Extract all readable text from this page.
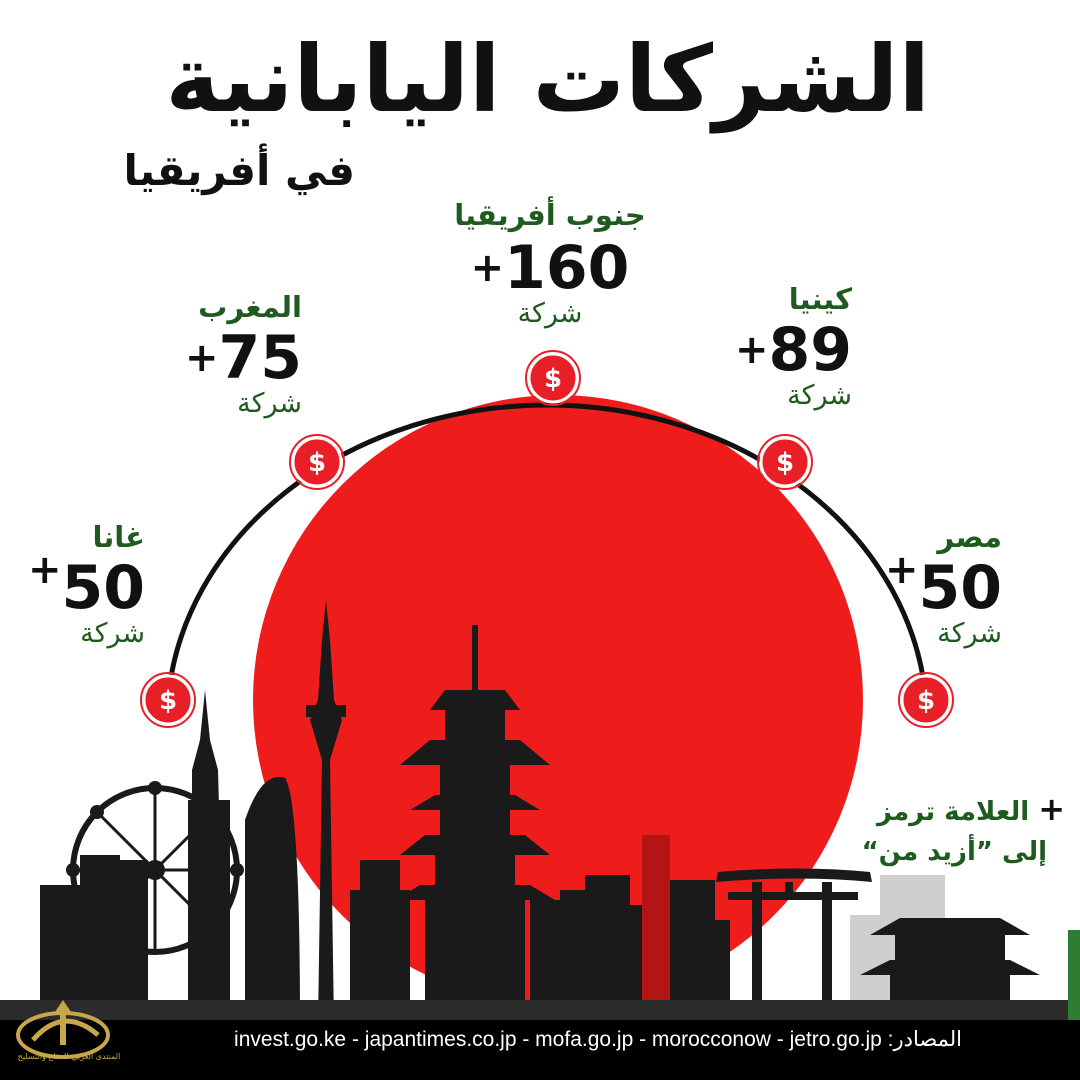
$
$
$
$
$
الشركات اليابانية
في أفريقيا
جنوب أفريقيا
+160
شركة
المغرب
+75
شركة
كينيا
+89
شركة
غانا
+50
شركة
مصر
+50
شركة
+ العلامة ترمز
إلى ”أزيد من“
invest.go.ke - japantimes.co.jp - mofa.go.jp - morocconow - jetro.go.jp :المصادر
المنتدى العربي للدفاع والتسليح
